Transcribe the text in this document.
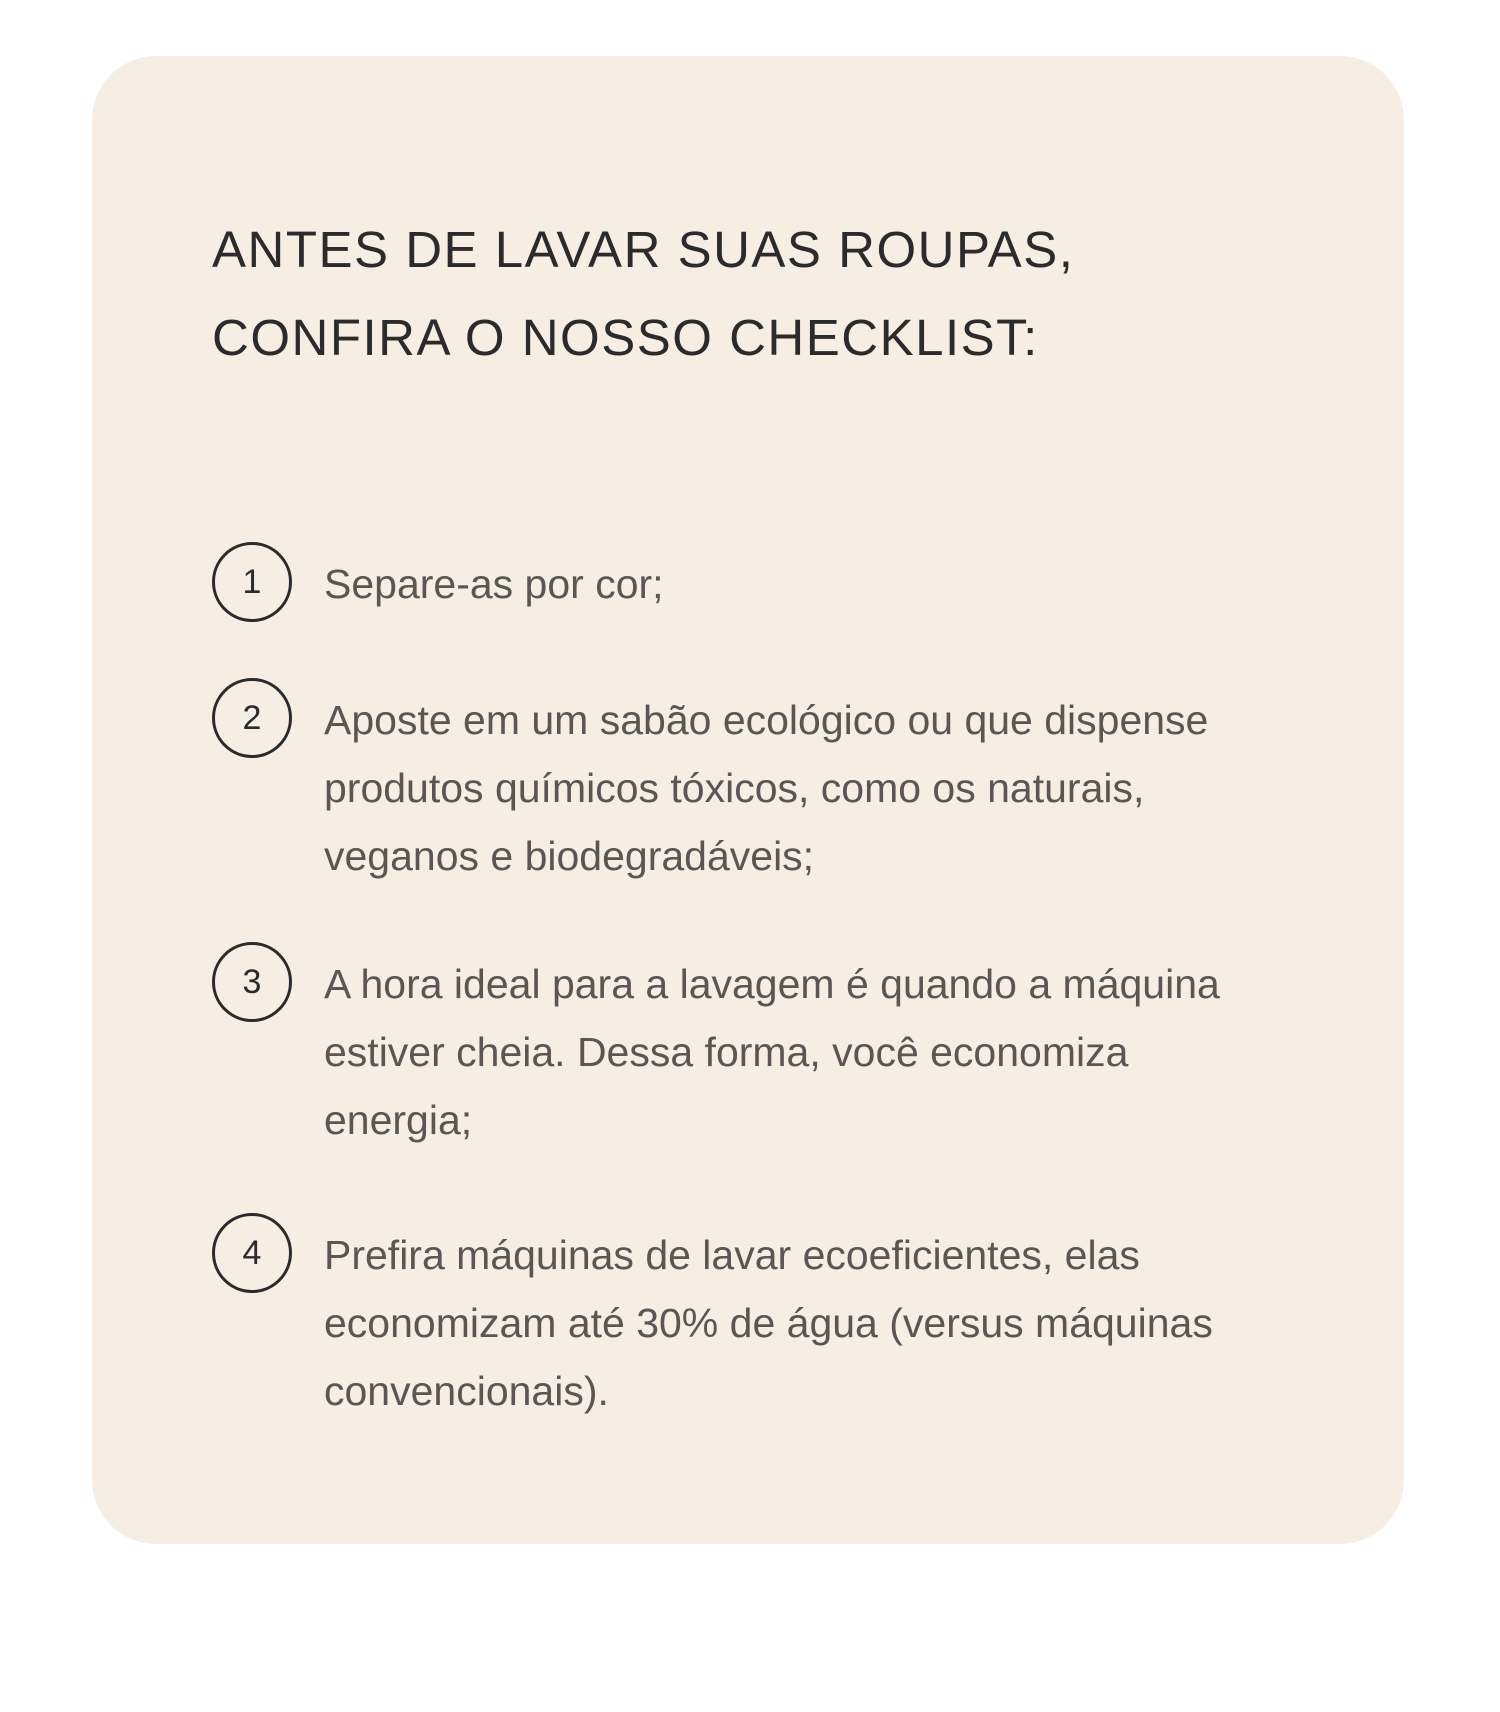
ANTES DE LAVAR SUAS ROUPAS,
CONFIRA O NOSSO CHECKLIST:
1	Separe-as por cor;

2	Aposte em um sabão ecológico ou que dispense produtos químicos tóxicos, como os naturais, veganos e biodegradáveis;

3	A hora ideal para a lavagem é quando a máquina estiver cheia. Dessa forma, você economiza energia;

4	Prefira máquinas de lavar ecoeficientes, elas economizam até 30% de água (versus máquinas convencionais).
